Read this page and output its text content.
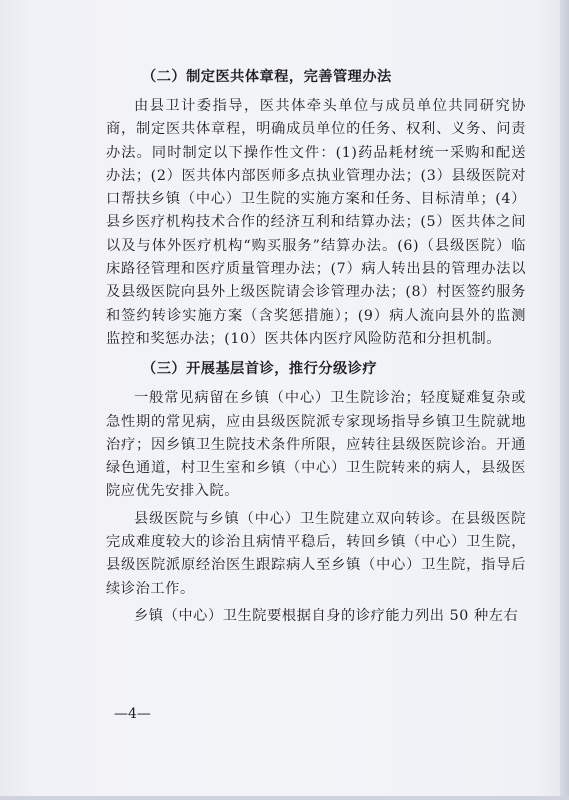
（二）制定医共体章程，完善管理办法

由县卫计委指导，医共体牵头单位与成员单位共同研究协商，制定医共体章程，明确成员单位的任务、权利、义务、问责办法。同时制定以下操作性文件：(1)药品耗材统一采购和配送办法；(2）医共体内部医师多点执业管理办法；(3）县级医院对口帮扶乡镇（中心）卫生院的实施方案和任务、目标清单；(4）县乡医疗机构技术合作的经济互利和结算办法；(5）医共体之间以及与体外医疗机构“购买服务”结算办法。(6)（县级医院）临床路径管理和医疗质量管理办法；(7）病人转出县的管理办法以及县级医院向县外上级医院请会诊管理办法；(8）村医签约服务和签约转诊实施方案（含奖惩措施）；(9）病人流向县外的监测监控和奖惩办法；(10）医共体内医疗风险防范和分担机制。

（三）开展基层首诊，推行分级诊疗

一般常见病留在乡镇（中心）卫生院诊治；轻度疑难复杂或急性期的常见病，应由县级医院派专家现场指导乡镇卫生院就地治疗；因乡镇卫生院技术条件所限，应转往县级医院诊治。开通绿色通道，村卫生室和乡镇（中心）卫生院转来的病人，县级医院应优先安排入院。

县级医院与乡镇（中心）卫生院建立双向转诊。在县级医院完成难度较大的诊治且病情平稳后，转回乡镇（中心）卫生院，县级医院派原经治医生跟踪病人至乡镇（中心）卫生院，指导后续诊治工作。

乡镇（中心）卫生院要根据自身的诊疗能力列出 50 种左右

—4—
